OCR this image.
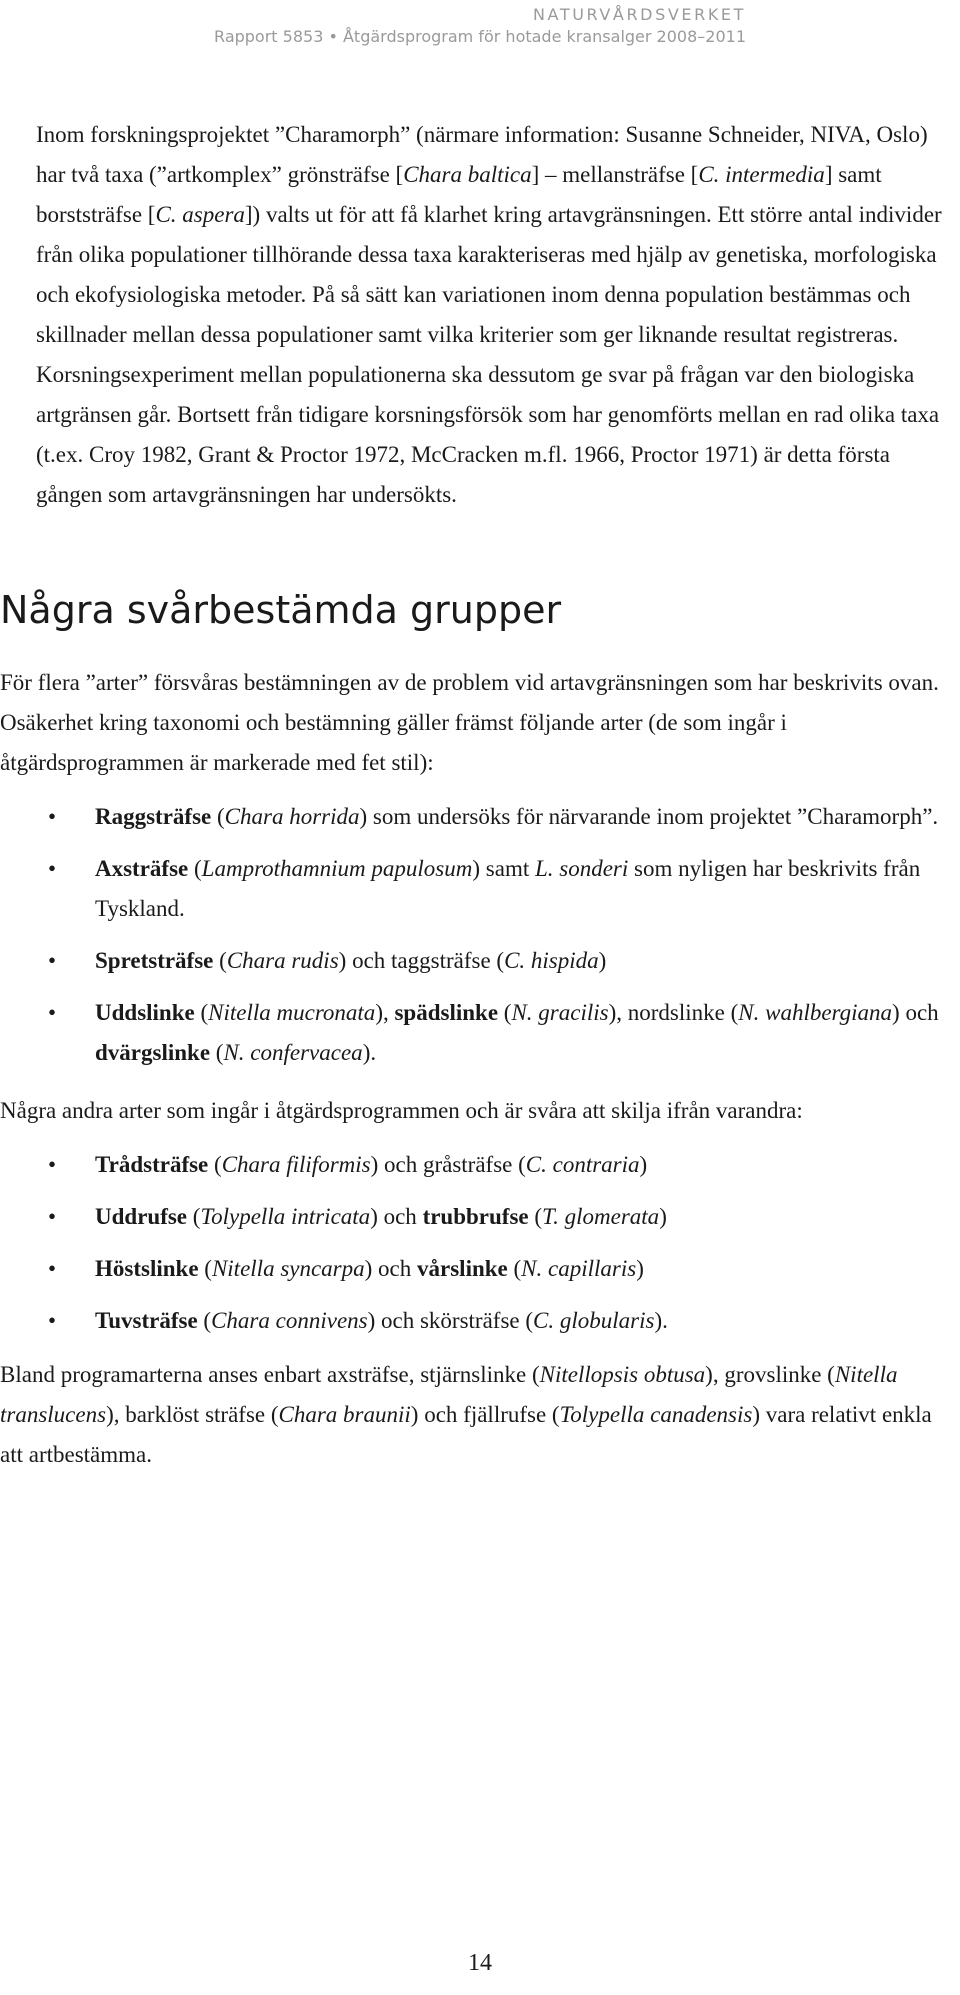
NATURVÅRDSVERKET
Rapport 5853 • Åtgärdsprogram för hotade kransalger 2008–2011

Inom forskningsprojektet ”Charamorph” (närmare information: Susanne Schneider, NIVA, Oslo) har två taxa (”artkomplex” grönsträfse [Chara baltica] – mellansträfse [C. intermedia] samt borststräfse [C. aspera]) valts ut för att få klarhet kring artavgränsningen. Ett större antal individer från olika populationer tillhörande dessa taxa karakteriseras med hjälp av genetiska, morfologiska och ekofysiologiska metoder. På så sätt kan variationen inom denna population bestämmas och skillnader mellan dessa populationer samt vilka kriterier som ger liknande resultat registreras. Korsningsexperiment mellan populationerna ska dessutom ge svar på frågan var den biologiska artgränsen går. Bortsett från tidigare korsningsförsök som har genomförts mellan en rad olika taxa (t.ex. Croy 1982, Grant & Proctor 1972, McCracken m.fl. 1966, Proctor 1971) är detta första gången som artavgränsningen har undersökts.

Några svårbestämda grupper

För flera ”arter” försvåras bestämningen av de problem vid artavgränsningen som har beskrivits ovan. Osäkerhet kring taxonomi och bestämning gäller främst följande arter (de som ingår i åtgärdsprogrammen är markerade med fet stil):

• Raggsträfse (Chara horrida) som undersöks för närvarande inom projektet ”Charamorph”.
• Axsträfse (Lamprothamnium papulosum) samt L. sonderi som nyligen har beskrivits från Tyskland.
• Spretsträfse (Chara rudis) och taggsträfse (C. hispida)
• Uddslinke (Nitella mucronata), spädslinke (N. gracilis), nordslinke (N. wahlbergiana) och dvärgslinke (N. confervacea).

Några andra arter som ingår i åtgärdsprogrammen och är svåra att skilja ifrån varandra:

• Trådsträfse (Chara filiformis) och gråsträfse (C. contraria)
• Uddrufse (Tolypella intricata) och trubbrufse (T. glomerata)
• Höstslinke (Nitella syncarpa) och vårslinke (N. capillaris)
• Tuvsträfse (Chara connivens) och skörsträfse (C. globularis).

Bland programarterna anses enbart axsträfse, stjärnslinke (Nitellopsis obtusa), grovslinke (Nitella translucens), barklöst sträfse (Chara braunii) och fjällrufse (Tolypella canadensis) vara relativt enkla att artbestämma.

14
